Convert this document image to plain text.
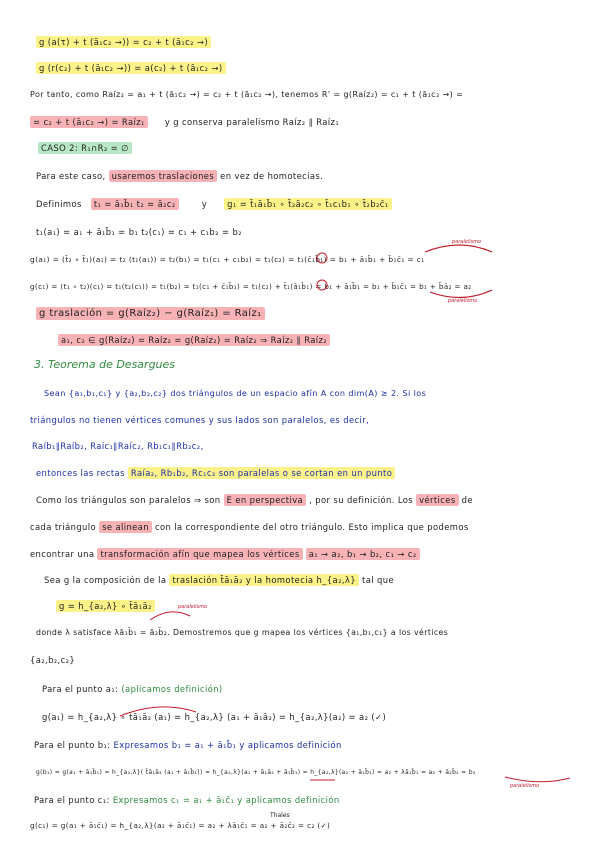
g (a(τ) + t (ā₁c₂ →)) = c₂ + t (ā₁c₂ →)
g (r(c₂) + t (ā₁c₂ →)) = a(c₂) + t (ā₁c₂ →)
Por tanto, como Raíz₂ = a₁ + t (ā₁c₂ →) = c₂ + t (ā₁c₂ →), tenemos R' = g(Raíz₂) = c₁ + t (ā₁c₂ →) =
= c₂ + t (ā₁c₂ →) = Raíz₁ y g conserva paralelismo Raíz₂ ∥ Raíz₁
CASO 2: R₁∩R₂ = ∅
Para este caso, usaremos traslaciones en vez de homotecias.
Definimos t₁ = ā₁b̄₁ t₂ = ā₂c₂	y g₁ = t̄₁ā₁b̄₁ ∘ t̄₂ā₂c₂ ∘ t̄₁c₁b₁ ∘ t̄₂b₂c̄₁
t₁(a₁) = a₁ + ā₁b̄₁ = b₁ t₂(c₁) = c₁ + c₁b₂ = b₂
g(a₁) = (t̄₂ ∘ t̄₁)(a₁) = t₂ (t₁(a₁)) = t₂(b₁) = t₁(c₁ + c₁b₂) = t₁(c₂) = t₁(c̄₁b̄₁) = b₁ + ā₁b̄₁ + b̄₁c̄₁ = c₁
paralelismo
g(c₁) = (t₁ ∘ t₂)(c₁) = t₁(t₂(c₁)) = t₁(b₂) = t₁(c₁ + c̄₁b̄₁) = t₁(c₂) + t̄₁(ā₁b̄₁) = b₁ + ā₁b̄₁ = b₁ + b̄₁c̄₁ = b₁ + b̄ā₂ = a₂
paralelismo
g traslación = g(Raíz₂) − g(Raíz₁) = Raíz₁
a₁, c₂ ∈ g(Raíz₂) = Raíz₂ = g(Raíz₂) = Raíz₂ ⇒ Raíz₂ ∥ Raíz₂
3. Teorema de Desargues
Sean {a₁,b₁,c₁} y {a₂,b₂,c₂} dos triángulos de un espacio afín A con dim(A) ≥ 2. Si los
triángulos no tienen vértices comunes y sus lados son paralelos, es decir,
Raíb₁∥Raíb₂, Raíc₁∥Raíc₂, Rb₁c₁∥Rb₂c₂,
entonces las rectas Raía₂, Rb₁b₂, Rc₁c₂ son paralelas o se cortan en un punto
Como los triángulos son paralelos ⇒ son E en perspectiva , por su definición. Los vértices de
cada triángulo se alinean con la correspondiente del otro triángulo. Esto implica que podemos
encontrar una transformación afín que mapea los vértices a₁ → a₂, b₁ → b₂, c₁ → c₂
Sea g la composición de la traslación t̄ā₁ā₂ y la homotecia h_{a₂,λ} tal que
g = h_{a₂,λ} ∘ t̄ā₁ā₂	paralelismo
donde λ satisface λā₁b̄₁ = ā₂b̄₂. Demostremos que g mapea los vértices {a₁,b₁,c₁} a los vértices
{a₂,b₂,c₂}
Para el punto a₁: (aplicamos definición)
g(a₁) = h_{a₂,λ} ∘ t̄ā₁ā₂ (a₁) = h_{a₂,λ} (a₁ + ā₁ā₂) = h_{a₂,λ}(a₂) = a₂ (✓)
Para el punto b₁: Expresamos b₁ = a₁ + ā₁b̄₁ y aplicamos definición
g(b₁) = g(a₁ + ā₁b̄₁) = h_{a₂,λ}( t̄ā₁ā₂ (a₁ + ā₁b̄₁)) = h_{a₂,λ}(a₁ + ā₁ā₂ + ā₁b̄₁) = h_{a₂,λ}(a₂ + ā₁b̄₁) = a₂ + λā₁b̄₁ = a₂ + ā₂b̄₂ = b₂
paralelismo
Para el punto c₁: Expresamos c₁ = a₁ + ā₁c̄₁ y aplicamos definición
Thales
g(c₁) = g(a₁ + ā₁c̄₁) = h_{a₂,λ}(a₂ + ā₁c̄₁) = a₂ + λā₁c̄₁ = a₂ + ā₂c̄₂ = c₂ (✓)
